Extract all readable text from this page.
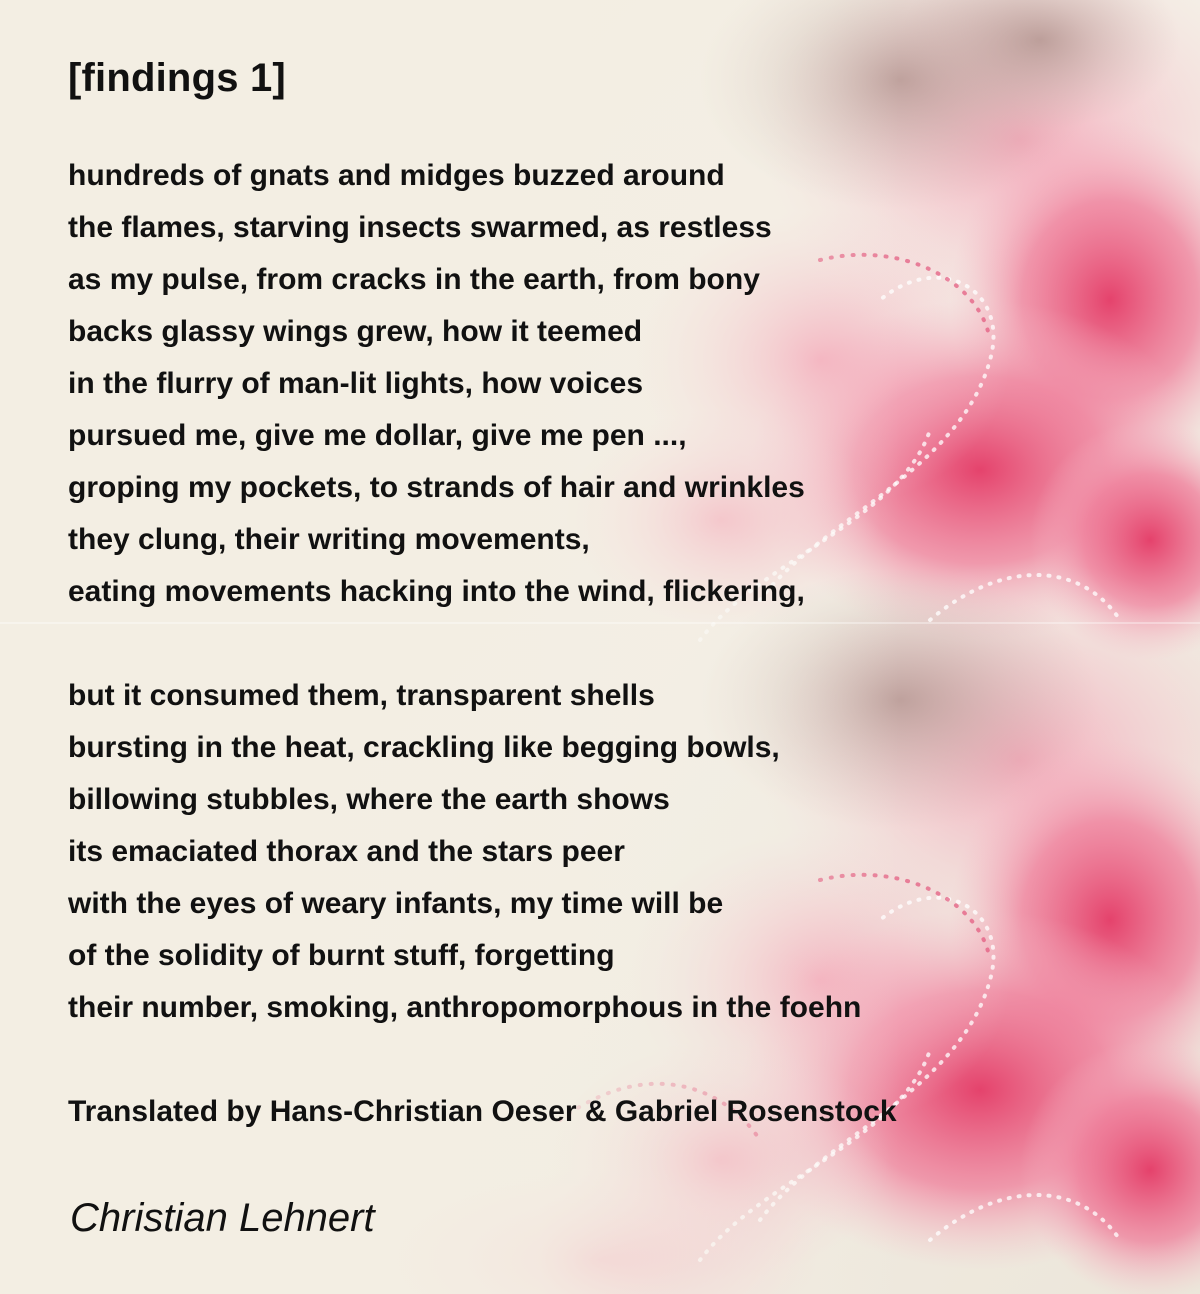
[findings 1]
hundreds of gnats and midges buzzed around
the flames, starving insects swarmed, as restless
as my pulse, from cracks in the earth, from bony
backs glassy wings grew, how it teemed
in the flurry of man-lit lights, how voices
pursued me, give me dollar, give me pen ...,
groping my pockets, to strands of hair and wrinkles
they clung, their writing movements,
eating movements hacking into the wind, flickering,
but it consumed them, transparent shells
bursting in the heat, crackling like begging bowls,
billowing stubbles, where the earth shows
its emaciated thorax and the stars peer
with the eyes of weary infants, my time will be
of the solidity of burnt stuff, forgetting
their number, smoking, anthropomorphous in the foehn

Translated by Hans-Christian Oeser & Gabriel Rosenstock

Christian Lehnert
